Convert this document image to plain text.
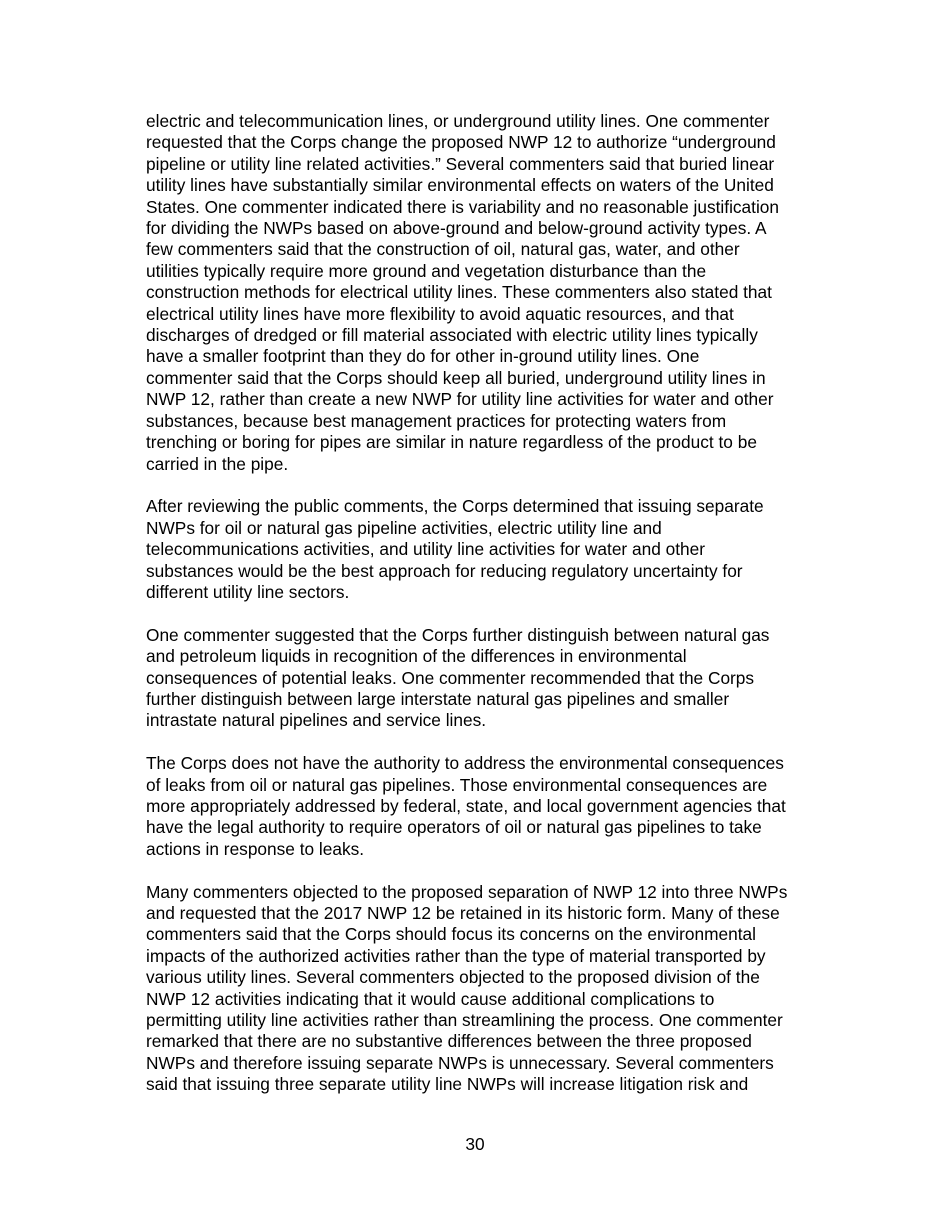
electric and telecommunication lines, or underground utility lines. One commenter
requested that the Corps change the proposed NWP 12 to authorize “underground
pipeline or utility line related activities.” Several commenters said that buried linear
utility lines have substantially similar environmental effects on waters of the United
States. One commenter indicated there is variability and no reasonable justification
for dividing the NWPs based on above-ground and below-ground activity types. A
few commenters said that the construction of oil, natural gas, water, and other
utilities typically require more ground and vegetation disturbance than the
construction methods for electrical utility lines. These commenters also stated that
electrical utility lines have more flexibility to avoid aquatic resources, and that
discharges of dredged or fill material associated with electric utility lines typically
have a smaller footprint than they do for other in-ground utility lines. One
commenter said that the Corps should keep all buried, underground utility lines in
NWP 12, rather than create a new NWP for utility line activities for water and other
substances, because best management practices for protecting waters from
trenching or boring for pipes are similar in nature regardless of the product to be
carried in the pipe.

After reviewing the public comments, the Corps determined that issuing separate
NWPs for oil or natural gas pipeline activities, electric utility line and
telecommunications activities, and utility line activities for water and other
substances would be the best approach for reducing regulatory uncertainty for
different utility line sectors.

One commenter suggested that the Corps further distinguish between natural gas
and petroleum liquids in recognition of the differences in environmental
consequences of potential leaks. One commenter recommended that the Corps
further distinguish between large interstate natural gas pipelines and smaller
intrastate natural pipelines and service lines.

The Corps does not have the authority to address the environmental consequences
of leaks from oil or natural gas pipelines. Those environmental consequences are
more appropriately addressed by federal, state, and local government agencies that
have the legal authority to require operators of oil or natural gas pipelines to take
actions in response to leaks.

Many commenters objected to the proposed separation of NWP 12 into three NWPs
and requested that the 2017 NWP 12 be retained in its historic form. Many of these
commenters said that the Corps should focus its concerns on the environmental
impacts of the authorized activities rather than the type of material transported by
various utility lines. Several commenters objected to the proposed division of the
NWP 12 activities indicating that it would cause additional complications to
permitting utility line activities rather than streamlining the process. One commenter
remarked that there are no substantive differences between the three proposed
NWPs and therefore issuing separate NWPs is unnecessary. Several commenters
said that issuing three separate utility line NWPs will increase litigation risk and

30
